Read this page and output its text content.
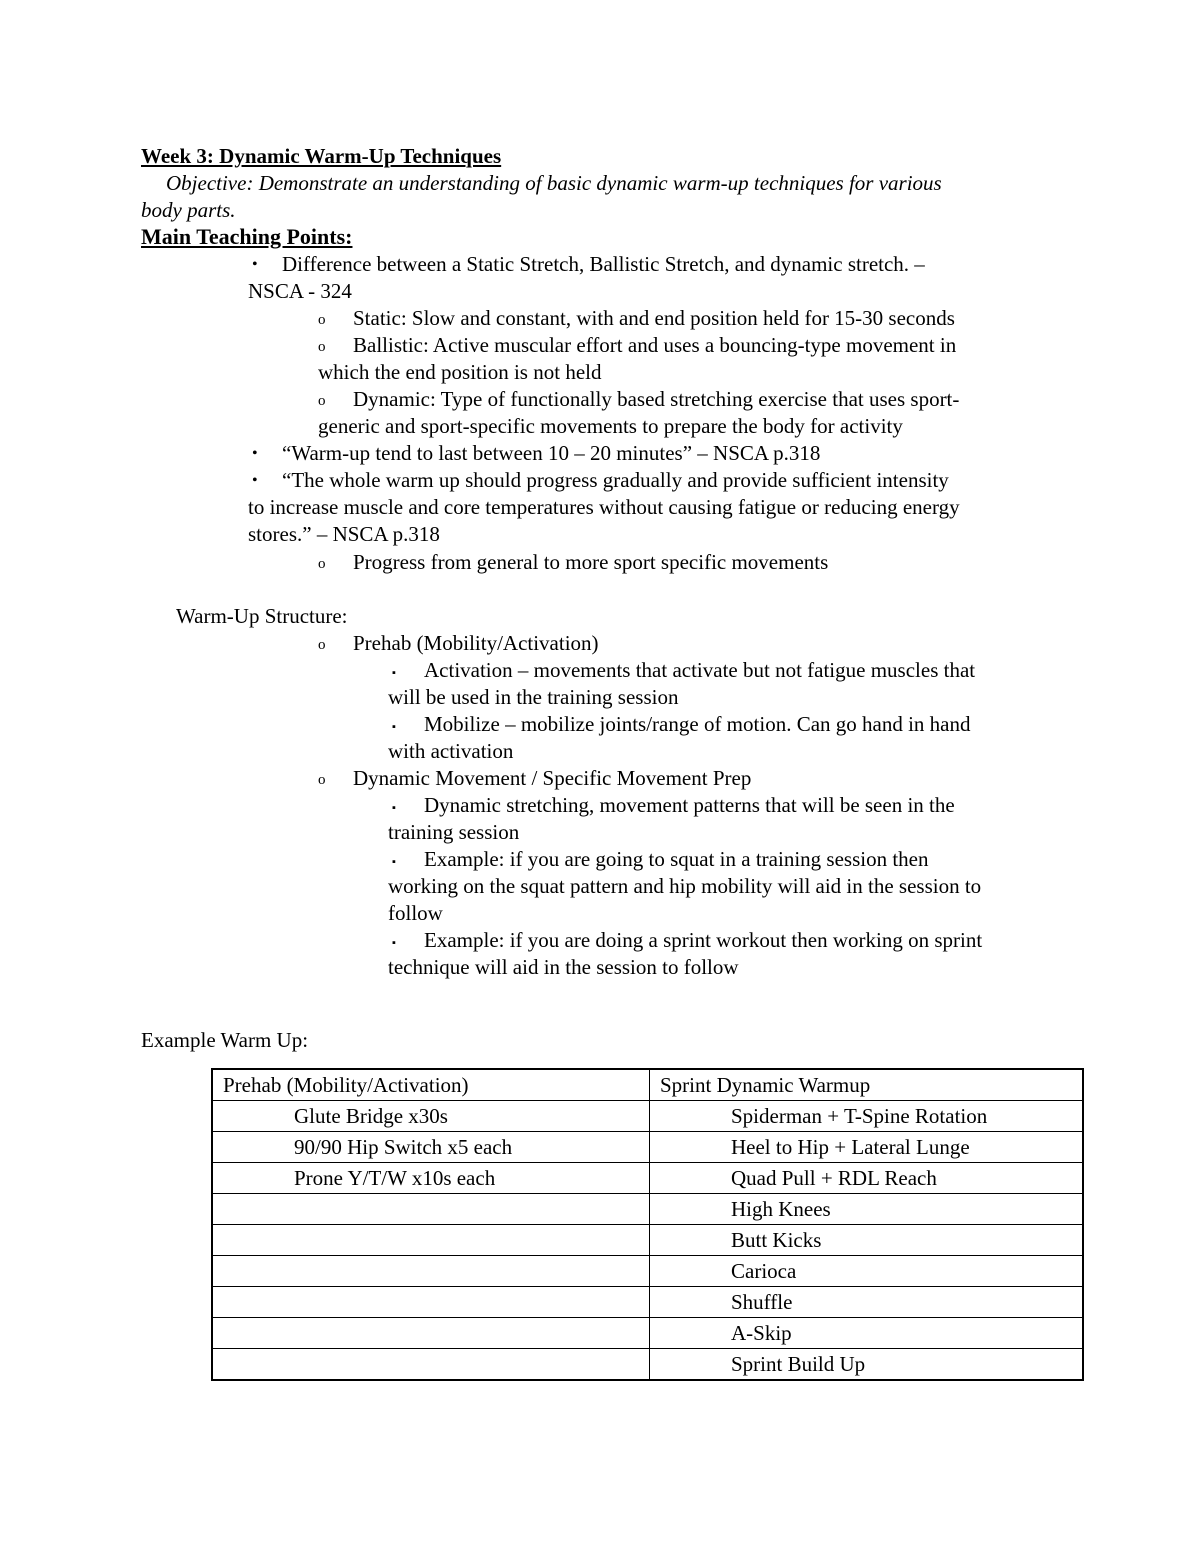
Week 3: Dynamic Warm-Up Techniques
Objective: Demonstrate an understanding of basic dynamic warm-up techniques for various
body parts.
Main Teaching Points:
• Difference between a Static Stretch, Ballistic Stretch, and dynamic stretch. –
NSCA - 324
o Static: Slow and constant, with and end position held for 15-30 seconds
o Ballistic: Active muscular effort and uses a bouncing-type movement in
which the end position is not held
o Dynamic: Type of functionally based stretching exercise that uses sport-
generic and sport-specific movements to prepare the body for activity
• “Warm-up tend to last between 10 – 20 minutes” – NSCA p.318
• “The whole warm up should progress gradually and provide sufficient intensity
to increase muscle and core temperatures without causing fatigue or reducing energy
stores.” – NSCA p.318
o Progress from general to more sport specific movements
Warm-Up Structure:
o Prehab (Mobility/Activation)
▪ Activation – movements that activate but not fatigue muscles that
will be used in the training session
▪ Mobilize – mobilize joints/range of motion. Can go hand in hand
with activation
o Dynamic Movement / Specific Movement Prep
▪ Dynamic stretching, movement patterns that will be seen in the
training session
▪ Example: if you are going to squat in a training session then
working on the squat pattern and hip mobility will aid in the session to
follow
▪ Example: if you are doing a sprint workout then working on sprint
technique will aid in the session to follow
Example Warm Up:
Prehab (Mobility/Activation)	Sprint Dynamic Warmup
Glute Bridge x30s	Spiderman + T-Spine Rotation
90/90 Hip Switch x5 each	Heel to Hip + Lateral Lunge
Prone Y/T/W x10s each	Quad Pull + RDL Reach
	High Knees
	Butt Kicks
	Carioca
	Shuffle
	A-Skip
	Sprint Build Up
